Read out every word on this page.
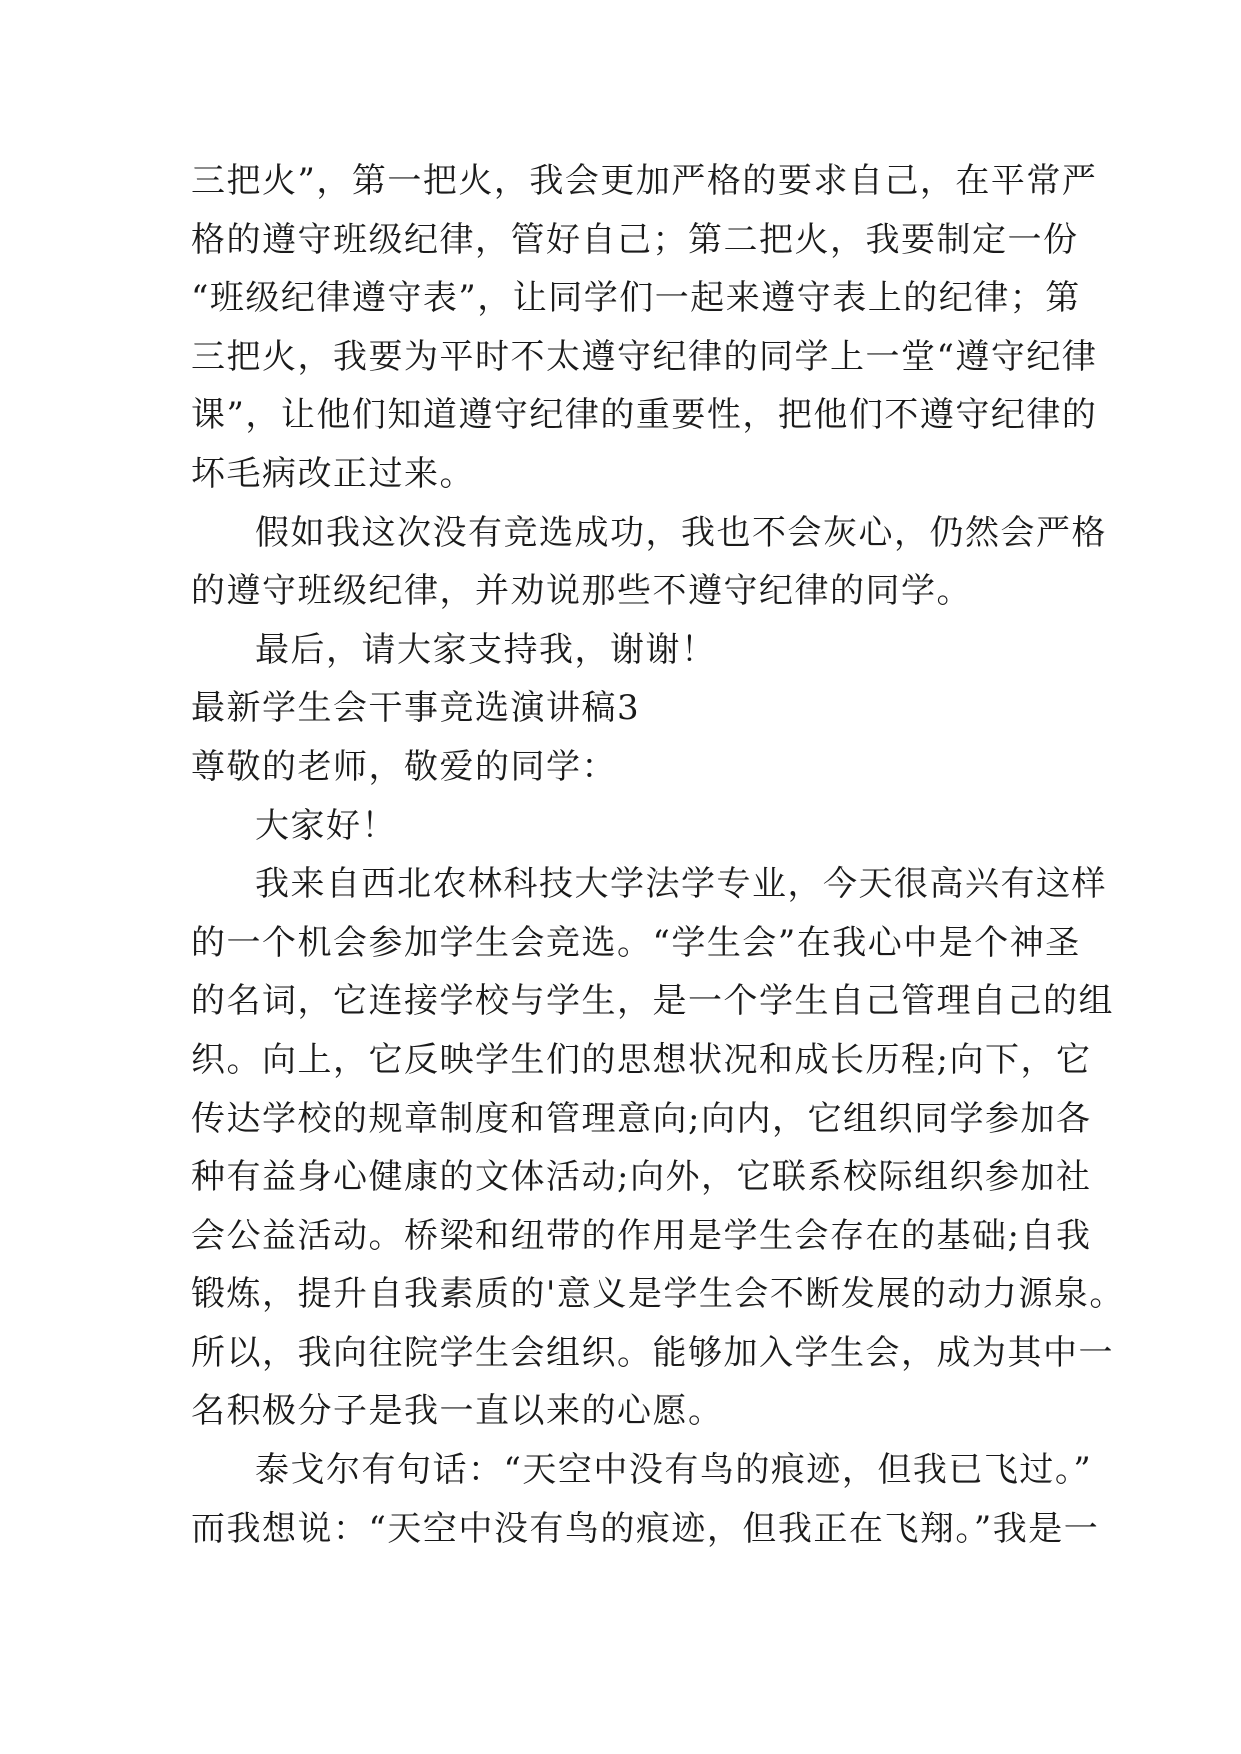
三把火”，第一把火，我会更加严格的要求自己，在平常严
格的遵守班级纪律，管好自己；第二把火，我要制定一份
“班级纪律遵守表”，让同学们一起来遵守表上的纪律；第
三把火，我要为平时不太遵守纪律的同学上一堂“遵守纪律
课”，让他们知道遵守纪律的重要性，把他们不遵守纪律的
坏毛病改正过来。
假如我这次没有竞选成功，我也不会灰心，仍然会严格
的遵守班级纪律，并劝说那些不遵守纪律的同学。
最后，请大家支持我，谢谢！
最新学生会干事竞选演讲稿3
尊敬的老师，敬爱的同学：
大家好！
我来自西北农林科技大学法学专业，今天很高兴有这样
的一个机会参加学生会竞选。“学生会”在我心中是个神圣
的名词，它连接学校与学生，是一个学生自己管理自己的组
织。向上，它反映学生们的思想状况和成长历程;向下，它
传达学校的规章制度和管理意向;向内，它组织同学参加各
种有益身心健康的文体活动;向外，它联系校际组织参加社
会公益活动。桥梁和纽带的作用是学生会存在的基础;自我
锻炼，提升自我素质的'意义是学生会不断发展的动力源泉。
所以，我向往院学生会组织。能够加入学生会，成为其中一
名积极分子是我一直以来的心愿。
泰戈尔有句话：“天空中没有鸟的痕迹，但我已飞过。”
而我想说：“天空中没有鸟的痕迹，但我正在飞翔。”我是一
